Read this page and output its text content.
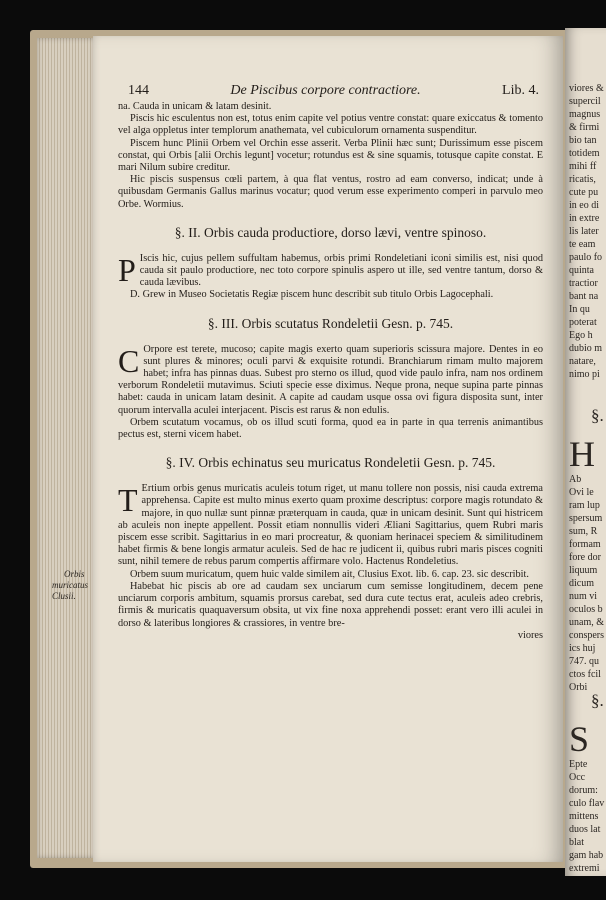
144	De Piscibus corpore contractiore.	Lib. 4.

na. Cauda in unicam & latam desinit.

Piscis hic esculentus non est, totus enim capite vel potius ventre constat: quare exiccatus & tomento vel alga oppletus inter templorum anathemata, vel cubiculorum ornamenta suspenditur.

Piscem hunc Plinii Orbem vel Orchin esse asserit. Verba Plinii hæc sunt; Durissimum esse piscem constat, qui Orbis [alii Orchis legunt] vocetur; rotundus est & sine squamis, totusque capite constat. E mari Nilum subire creditur.

Hic piscis suspensus cœli partem, à qua flat ventus, rostro ad eam converso, indicat; unde à quibusdam Germanis Gallus marinus vocatur; quod verum esse experimento comperi in parvulo meo Orbe. Wormius.

§. II. Orbis cauda productiore, dorso lævi, ventre spinoso.
P Iscis hic, cujus pellem suffultam habemus, orbis primi Rondeletiani iconi similis est, nisi quod cauda sit paulo productiore, nec toto corpore spinulis aspero ut ille, sed ventre tantum, dorso & cauda lævibus.

D. Grew in Museo Societatis Regiæ piscem hunc describit sub titulo Orbis Lagocephali.

§. III. Orbis scutatus Rondeletii Gesn. p. 745.
C Orpore est terete, mucoso; capite magis exerto quam superioris scissura majore. Dentes in eo sunt plures & minores; oculi parvi & exquisite rotundi. Branchiarum rimam multo majorem habet; infra has pinnas duas. Subest pro sterno os illud, quod vide paulo infra, nam nos ordinem verborum Rondeletii mutavimus. Sciuti specie esse diximus. Neque prona, neque supina parte pinnas habet: cauda in unicam latam desinit. A capite ad caudam usque ossa ovi figura disposita sunt, inter quorum intervalla aculei interjacent. Piscis est rarus & non edulis.

Orbem scutatum vocamus, ob os illud scuti forma, quod ea in parte in qua terrenis animantibus pectus est, sterni vicem habet.

§. IV. Orbis echinatus seu muricatus Rondeletii Gesn. p. 745.
T Ertium orbis genus muricatis aculeis totum riget, ut manu tollere non possis, nisi cauda extrema apprehensa. Capite est multo minus exerto quam proxime descriptus: corpore magis rotundato & majore, in quo nullæ sunt pinnæ præterquam in cauda, quæ in unicam desinit. Sunt qui histricem ab aculeis non inepte appellent. Possit etiam nonnullis videri Æliani Sagittarius, quem Rubri maris piscem esse scribit. Sagittarius in eo mari procreatur, & quoniam herinacei speciem & similitudinem habet firmis & bene longis armatur aculeis. Sed de hac re judicent ii, quibus rubri maris pisces cogniti sunt, nihil temere de rebus parum compertis affirmare volo. Hactenus Rondeletius.

Orbis muricatus Clusii.
Orbem suum muricatum, quem huic valde similem ait, Clusius Exot. lib. 6. cap. 23. sic describit.

Habebat hic piscis ab ore ad caudam sex unciarum cum semisse longitudinem, decem pene unciarum corporis ambitum, squamis prorsus carebat, sed dura cute tectus erat, aculeis adeo crebris, firmis & muricatis quaquaversum obsita, ut vix fine noxa apprehendi posset: erant vero illi aculei in dorso & lateribus longiores & crassiores, in ventre bre-

viores
viores &
supercil
magnus
& firmi
bio tan
totidem
mihi ff
ricatis,
cute pu
in eo di
in extre
lis later
te eam
paulo fo
quinta
tractior
bant na
In qu
poterat
Ego h
dubio m
natare,
nimo pi
§.
H
Ab
Ovi le
ram lup
spersum
sum, R
formam
fore dor
liquum
dicum
num vi
oculos b
unam, &
conspers
ics huj
747. qu
ctos fcil
Orbi
§.
S
Epte
Occ
dorum:
culo flav
mittens
duos lat
blat
gam hab
extremi
